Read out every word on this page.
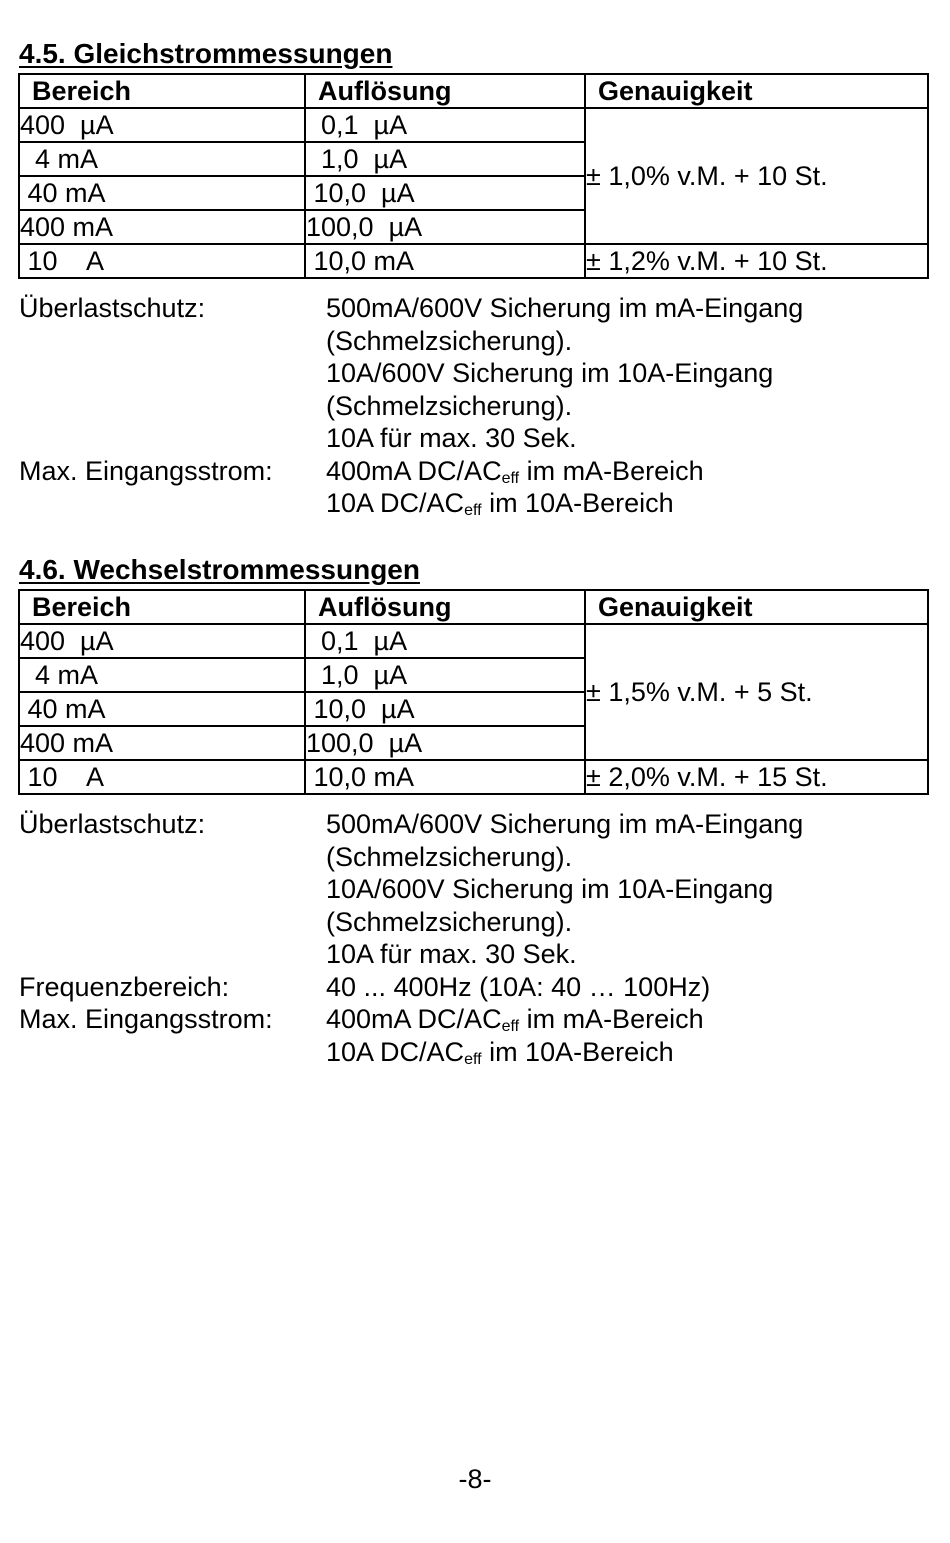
4.5. Gleichstrommessungen
Bereich	Auflösung	Genauigkeit
400  µA	0,1  µA	± 1,0% v.M. + 10 St.
4 mA	1,0  µA	
40 mA	10,0  µA	
400 mA	100,0  µA	
10    A	10,0 mA	± 1,2% v.M. + 10 St.
Überlastschutz:	500mA/600V Sicherung im mA-Eingang
(Schmelzsicherung).
10A/600V Sicherung im 10A-Eingang
(Schmelzsicherung).
10A für max. 30 Sek.
Max. Eingangsstrom:	400mA $DC/AC_{eff}$ im mA-Bereich
10A $DC/AC_{eff}$ im 10A-Bereich
4.6. Wechselstrommessungen
Bereich	Auflösung	Genauigkeit
400  µA	0,1  µA	± 1,5% v.M. + 5 St.
4 mA	1,0  µA	
40 mA	10,0  µA	
400 mA	100,0  µA	
10    A	10,0 mA	± 2,0% v.M. + 15 St.
Überlastschutz:	500mA/600V Sicherung im mA-Eingang
(Schmelzsicherung).
10A/600V Sicherung im 10A-Eingang
(Schmelzsicherung).
10A für max. 30 Sek.
Frequenzbereich:	40 ... 400Hz (10A: 40 … 100Hz)
Max. Eingangsstrom:	400mA $DC/AC_{eff}$ im mA-Bereich
10A $DC/AC_{eff}$ im 10A-Bereich
-8-
